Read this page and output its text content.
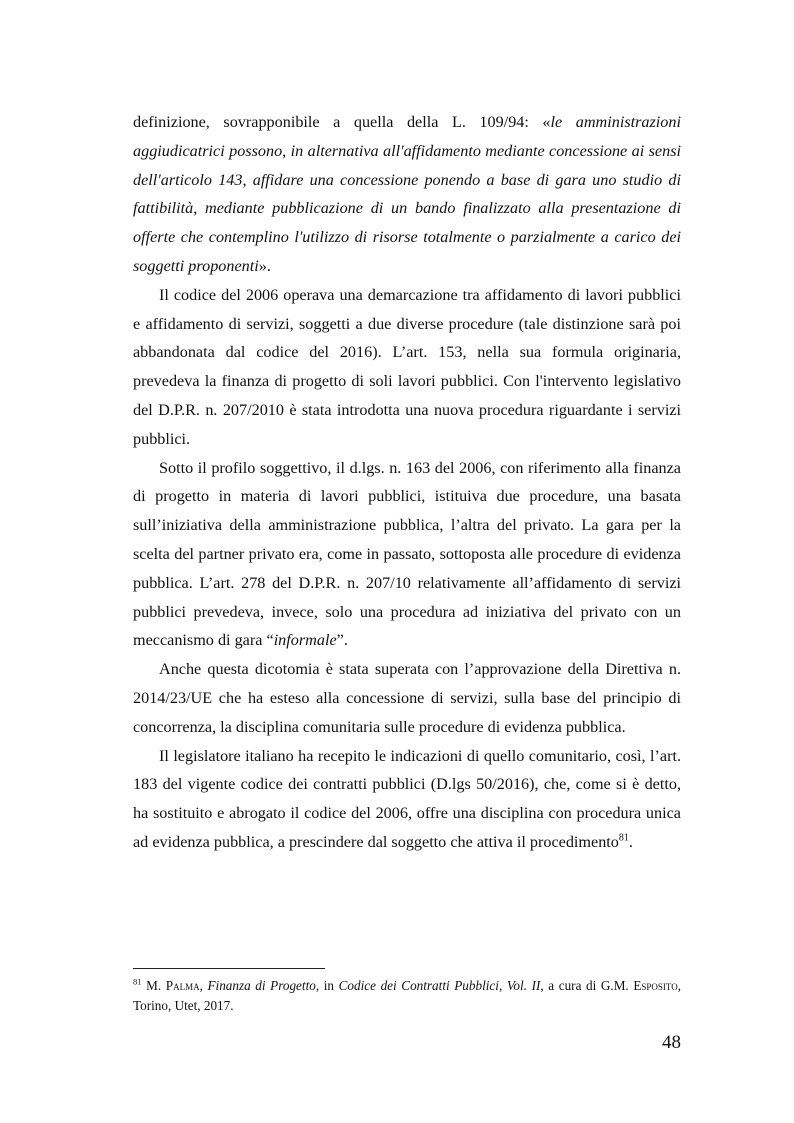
definizione, sovrapponibile a quella della L. 109/94: «le amministrazioni aggiudicatrici possono, in alternativa all'affidamento mediante concessione ai sensi dell'articolo 143, affidare una concessione ponendo a base di gara uno studio di fattibilità, mediante pubblicazione di un bando finalizzato alla presentazione di offerte che contemplino l'utilizzo di risorse totalmente o parzialmente a carico dei soggetti proponenti».

Il codice del 2006 operava una demarcazione tra affidamento di lavori pubblici e affidamento di servizi, soggetti a due diverse procedure (tale distinzione sarà poi abbandonata dal codice del 2016). L’art. 153, nella sua formula originaria, prevedeva la finanza di progetto di soli lavori pubblici. Con l'intervento legislativo del D.P.R. n. 207/2010 è stata introdotta una nuova procedura riguardante i servizi pubblici.

Sotto il profilo soggettivo, il d.lgs. n. 163 del 2006, con riferimento alla finanza di progetto in materia di lavori pubblici, istituiva due procedure, una basata sull’iniziativa della amministrazione pubblica, l’altra del privato. La gara per la scelta del partner privato era, come in passato, sottoposta alle procedure di evidenza pubblica. L’art. 278 del D.P.R. n. 207/10 relativamente all’affidamento di servizi pubblici prevedeva, invece, solo una procedura ad iniziativa del privato con un meccanismo di gara “informale”.

Anche questa dicotomia è stata superata con l’approvazione della Direttiva n. 2014/23/UE che ha esteso alla concessione di servizi, sulla base del principio di concorrenza, la disciplina comunitaria sulle procedure di evidenza pubblica.

Il legislatore italiano ha recepito le indicazioni di quello comunitario, così, l’art. 183 del vigente codice dei contratti pubblici (D.lgs 50/2016), che, come si è detto, ha sostituito e abrogato il codice del 2006, offre una disciplina con procedura unica ad evidenza pubblica, a prescindere dal soggetto che attiva il procedimento$^{81}$.

$^{81}$ M. Palma, Finanza di Progetto, in Codice dei Contratti Pubblici, Vol. II, a cura di G.M. Esposito, Torino, Utet, 2017.
48
